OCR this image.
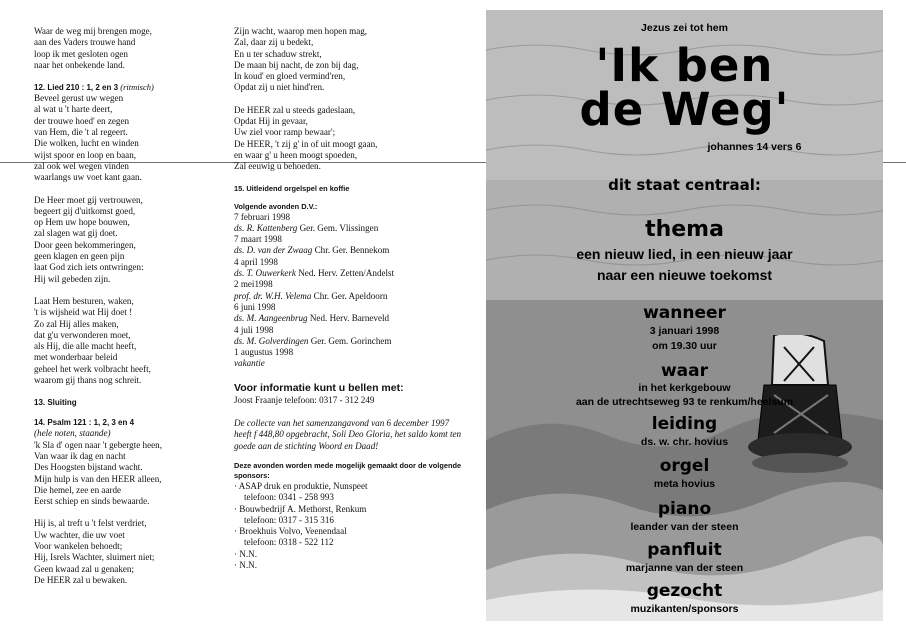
Waar de weg mij brengen moge,
aan des Vaders trouwe hand
loop ik met gesloten ogen
naar het onbekende land.
12. Lied 210 : 1, 2 en 3 (ritmisch)
Beveel gerust uw wegen
al wat u 't harte deert,
der trouwe hoed' en zegen
van Hem, die 't al regeert.
Die wolken, lucht en winden
wijst spoor en loop en baan,
zal ook wel wegen vinden
waarlangs uw voet kant gaan.
De Heer moet gij vertrouwen,
begeert gij d'uitkomst goed,
op Hem uw hope bouwen,
zal slagen wat gij doet.
Door geen bekommeringen,
geen klagen en geen pijn
laat God zich iets ontwringen:
Hij wil gebeden zijn.
Laat Hem besturen, waken,
't is wijsheid wat Hij doet !
Zo zal Hij alles maken,
dat g'u verwonderen moet,
als Hij, die alle macht heeft,
met wonderbaar beleid
geheel het werk volbracht heeft,
waarom gij thans nog schreit.
13. Sluiting
14. Psalm 121 : 1, 2, 3 en 4
(hele noten, staande)
'k Sla d' ogen naar 't gebergte heen,
Van waar ik dag en nacht
Des Hoogsten bijstand wacht.
Mijn hulp is van den HEER alleen,
Die hemel, zee en aarde
Eerst schiep en sinds bewaarde.
Hij is, al treft u 't felst verdriet,
Uw wachter, die uw voet
Voor wankelen behoedt;
Hij, Isrels Wachter, sluimert niet;
Geen kwaad zal u genaken;
De HEER zal u bewaken.
Zijn wacht, waarop men hopen mag,
Zal, daar zij u bedekt,
En u ter schaduw strekt,
De maan bij nacht, de zon bij dag,
In koud' en gloed vermind'ren,
Opdat zij u niet hind'ren.
De HEER zal u steeds gadeslaan,
Opdat Hij in gevaar,
Uw ziel voor ramp bewaar';
De HEER, 't zij g' in of uit moogt gaan,
en waar g' u heen moogt spoeden,
Zal eeuwig u behoeden.
15. Uitleidend orgelspel en koffie
Volgende avonden D.V.:
7 februari 1998
ds. R. Kattenberg Ger. Gem. Vlissingen
7 maart 1998
ds. D. van der Zwaag Chr. Ger. Bennekom
4 april 1998
ds. T. Ouwerkerk Ned. Herv. Zetten/Andelst
2 mei1998
prof. dr. W.H. Velema Chr. Ger. Apeldoorn
6 juni 1998
ds. M. Aangeenbrug Ned. Herv. Barneveld
4 juli 1998
ds. M. Golverdingen Ger. Gem. Gorinchem
1 augustus 1998
vakantie
Voor informatie kunt u bellen met:
Joost Fraanje telefoon: 0317 - 312 249
De collecte van het samenzangavond van 6 december 1997 heeft f 448,80 opgebracht, Soli Deo Gloria, het saldo komt ten goede aan de stichting Woord en Daad!
Deze avonden worden mede mogelijk gemaakt door de volgende sponsors:
· ASAP druk en produktie, Nunspeet
telefoon: 0341 - 258 993
· Bouwbedrijf A. Methorst, Renkum
telefoon: 0317 - 315 316
· Broekhuis Volvo, Veenendaal
telefoon: 0318 - 522 112
· N.N.
· N.N.
Jezus zei tot hem
'Ik ben
de Weg'
johannes 14 vers 6
dit staat centraal:
thema
een nieuw lied, in een nieuw jaar
naar een nieuwe toekomst
wanneer
3 januari 1998
om 19.30 uur
waar
in het kerkgebouw
aan de utrechtseweg 93 te renkum/heelsum
leiding
ds. w. chr. hovius
orgel
meta hovius
piano
leander van der steen
panfluit
marjanne van der steen
gezocht
muzikanten/sponsors
